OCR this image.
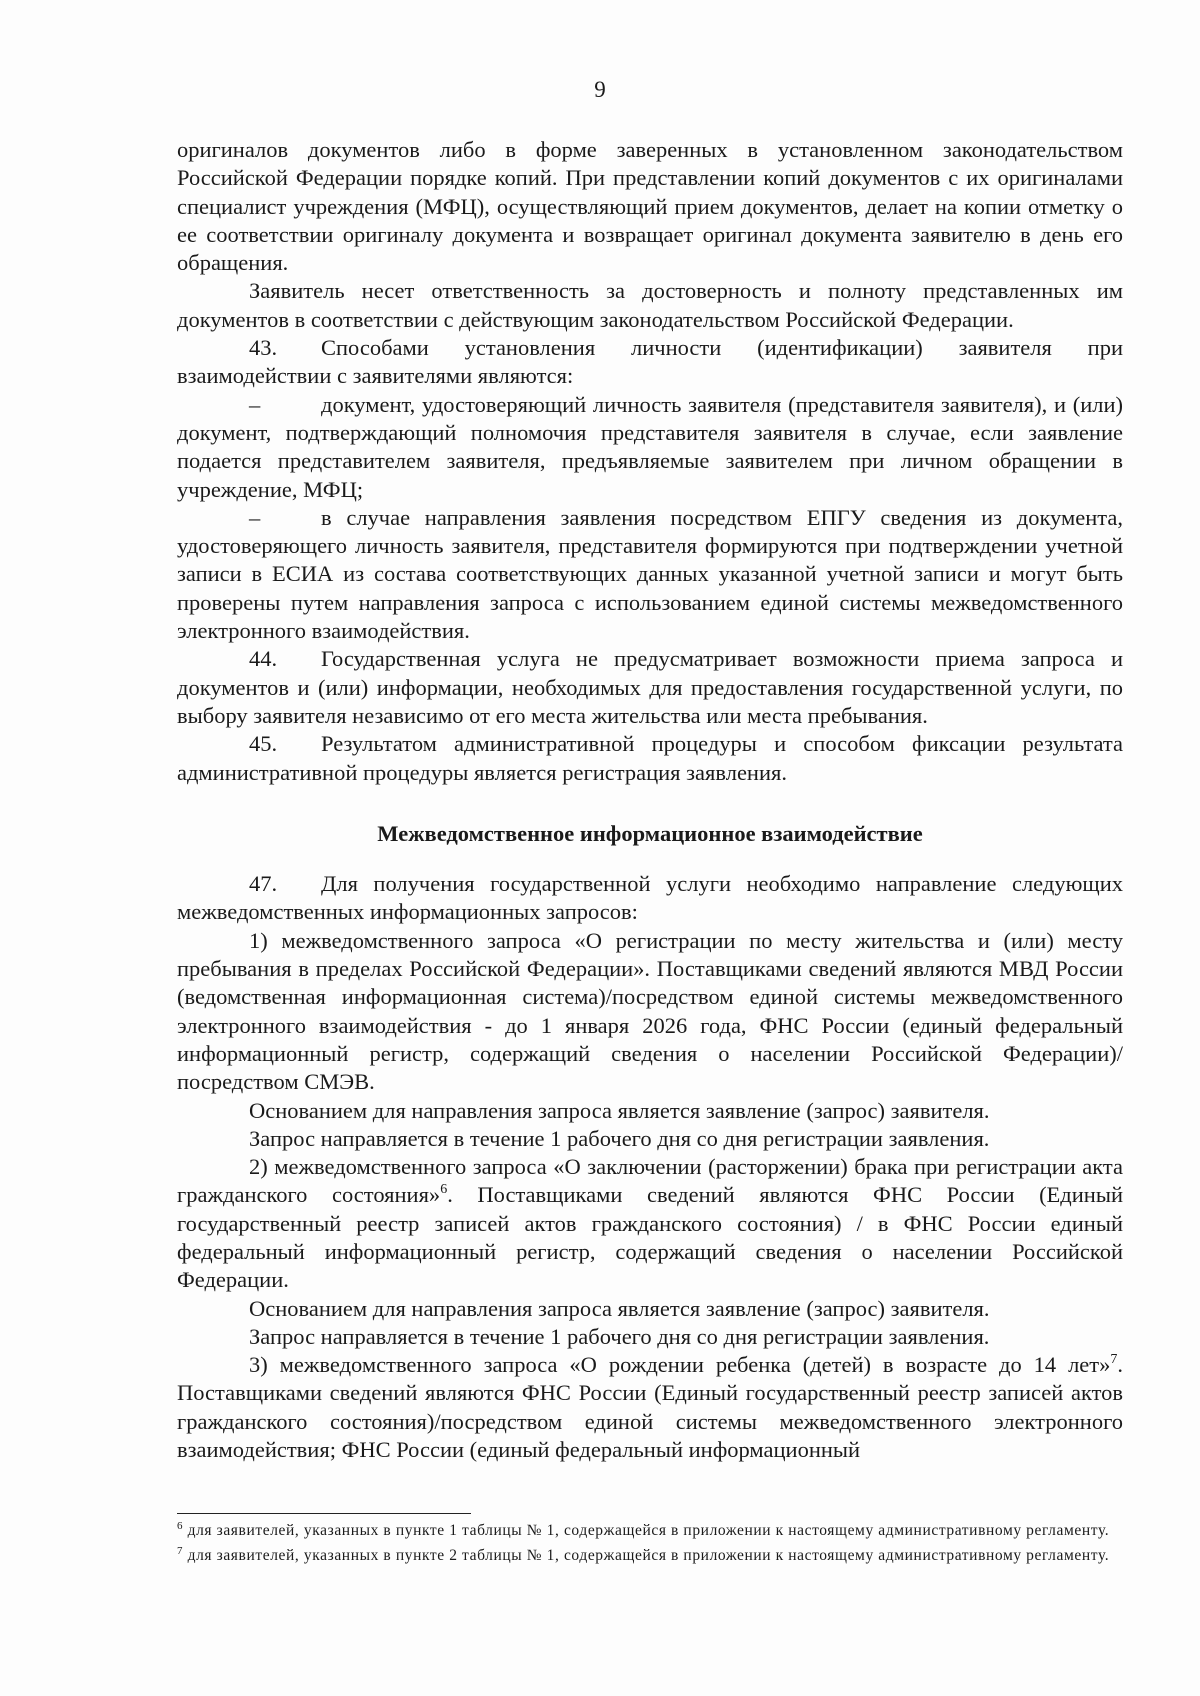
9

оригиналов документов либо в форме заверенных в установленном законодательством Российской Федерации порядке копий. При представлении копий документов с их оригиналами специалист учреждения (МФЦ), осуществляющий прием документов, делает на копии отметку о ее соответствии оригиналу документа и возвращает оригинал документа заявителю в день его обращения.

Заявитель несет ответственность за достоверность и полноту представленных им документов в соответствии с действующим законодательством Российской Федерации.

43. Способами установления личности (идентификации) заявителя при взаимодействии с заявителями являются:

–	документ, удостоверяющий личность заявителя (представителя заявителя), и (или) документ, подтверждающий полномочия представителя заявителя в случае, если заявление подается представителем заявителя, предъявляемые заявителем при личном обращении в учреждение, МФЦ;

–	в случае направления заявления посредством ЕПГУ сведения из документа, удостоверяющего личность заявителя, представителя формируются при подтверждении учетной записи в ЕСИА из состава соответствующих данных указанной учетной записи и могут быть проверены путем направления запроса с использованием единой системы межведомственного электронного взаимодействия.

44. Государственная услуга не предусматривает возможности приема запроса и документов и (или) информации, необходимых для предоставления государственной услуги, по выбору заявителя независимо от его места жительства или места пребывания.

45. Результатом административной процедуры и способом фиксации результата административной процедуры является регистрация заявления.

Межведомственное информационное взаимодействие

47. Для получения государственной услуги необходимо направление следующих межведомственных информационных запросов:

1) межведомственного запроса «О регистрации по месту жительства и (или) месту пребывания в пределах Российской Федерации». Поставщиками сведений являются МВД России (ведомственная информационная система)/посредством единой системы межведомственного электронного взаимодействия - до 1 января 2026 года, ФНС России (единый федеральный информационный регистр, содержащий сведения о населении Российской Федерации)/посредством СМЭВ.

Основанием для направления запроса является заявление (запрос) заявителя.

Запрос направляется в течение 1 рабочего дня со дня регистрации заявления.

2) межведомственного запроса «О заключении (расторжении) брака при регистрации акта гражданского состояния»$^6$. Поставщиками сведений являются ФНС России (Единый государственный реестр записей актов гражданского состояния) / в ФНС России единый федеральный информационный регистр, содержащий сведения о населении Российской Федерации.

Основанием для направления запроса является заявление (запрос) заявителя.

Запрос направляется в течение 1 рабочего дня со дня регистрации заявления.

3) межведомственного запроса «О рождении ребенка (детей) в возрасте до 14 лет»$^7$. Поставщиками сведений являются ФНС России (Единый государственный реестр записей актов гражданского состояния)/посредством единой системы межведомственного электронного взаимодействия; ФНС России (единый федеральный информационный

$^6$ для заявителей, указанных в пункте 1 таблицы № 1, содержащейся в приложении к настоящему административному регламенту.

$^7$ для заявителей, указанных в пункте 2 таблицы № 1, содержащейся в приложении к настоящему административному регламенту.
